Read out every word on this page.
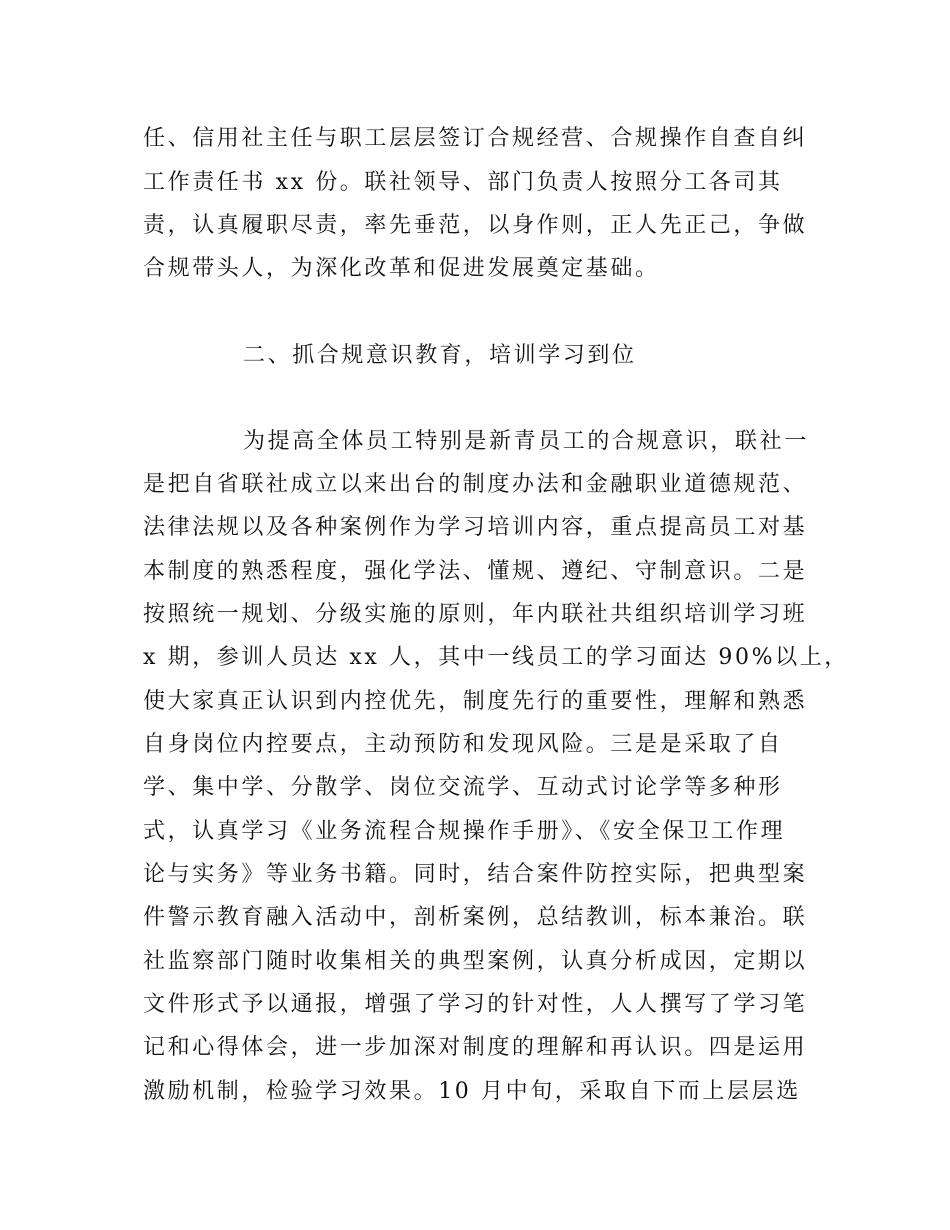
任、信用社主任与职工层层签订合规经营、合规操作自查自纠
工作责任书 xx 份。联社领导、部门负责人按照分工各司其
责，认真履职尽责，率先垂范，以身作则，正人先正己，争做
合规带头人，为深化改革和促进发展奠定基础。
二、抓合规意识教育，培训学习到位
为提高全体员工特别是新青员工的合规意识，联社一
是把自省联社成立以来出台的制度办法和金融职业道德规范、
法律法规以及各种案例作为学习培训内容，重点提高员工对基
本制度的熟悉程度，强化学法、懂规、遵纪、守制意识。二是
按照统一规划、分级实施的原则，年内联社共组织培训学习班
x 期，参训人员达 xx 人，其中一线员工的学习面达 90%以上，
使大家真正认识到内控优先，制度先行的重要性，理解和熟悉
自身岗位内控要点，主动预防和发现风险。三是是采取了自
学、集中学、分散学、岗位交流学、互动式讨论学等多种形
式，认真学习《业务流程合规操作手册》、《安全保卫工作理
论与实务》等业务书籍。同时，结合案件防控实际，把典型案
件警示教育融入活动中，剖析案例，总结教训，标本兼治。联
社监察部门随时收集相关的典型案例，认真分析成因，定期以
文件形式予以通报，增强了学习的针对性，人人撰写了学习笔
记和心得体会，进一步加深对制度的理解和再认识。四是运用
激励机制，检验学习效果。10 月中旬，采取自下而上层层选
